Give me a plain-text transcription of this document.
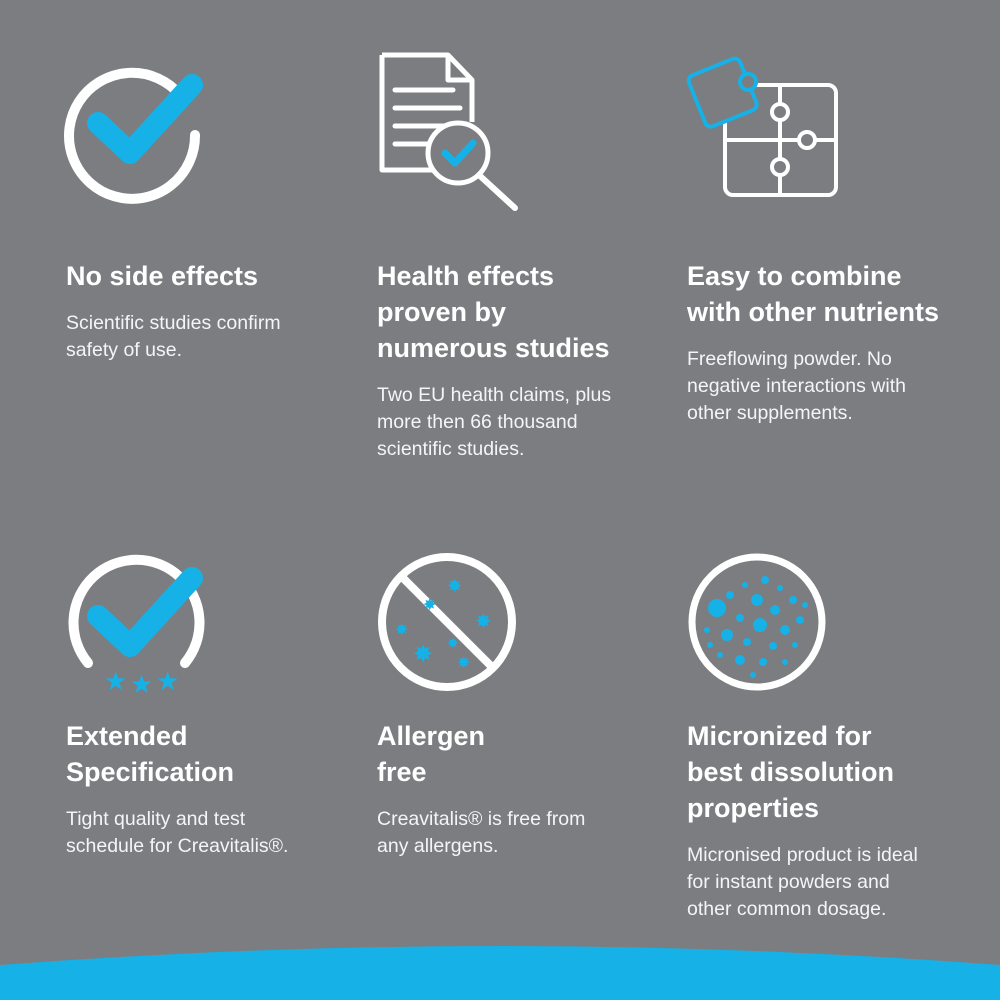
★ ★ ★
✸
✸
✸
✸
✸ ✸
✸
No side effects
Scientific studies confirm
safety of use.
Health effects
proven by
numerous studies
Two EU health claims, plus
more then 66 thousand
scientific studies.
Easy to combine
with other nutrients
Freeflowing powder. No
negative interactions with
other supplements.
Extended
Specification
Tight quality and test
schedule for Creavitalis®.
Allergen
free
Creavitalis® is free from
any allergens.
Micronized for
best dissolution
properties
Micronised product is ideal
for instant powders and
other common dosage.
